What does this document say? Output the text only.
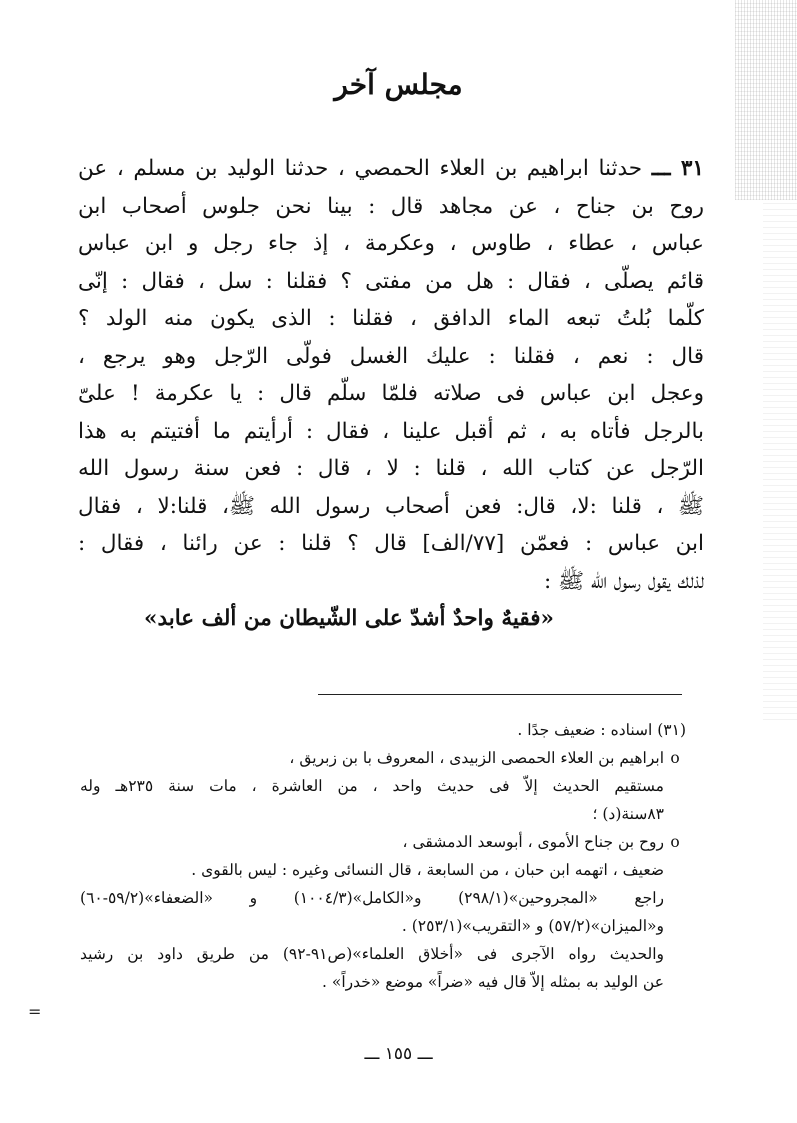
مجلس آخر
٣١ ـــ حدثنا ابراهيم بن العلاء الحمصي ، حدثنا الوليد بن مسلم ، عن
روح بن جناح ، عن مجاهد قال : بينا نحن جلوس أصحاب ابن
عباس ، عطاء ، طاوس ، وعكرمة ، إذ جاء رجل و ابن عباس
قائم يصلّى ، فقال : هل من مفتى ؟ فقلنا : سل ، فقال : إنّى
كلّما بُلتُ تبعه الماء الدافق ، فقلنا : الذى يكون منه الولد ؟
قال : نعم ، فقلنا : عليك الغسل فولّى الرّجل وهو يرجع ،
وعجل ابن عباس فى صلاته فلمّا سلّم قال : يا عكرمة ! علىّ
بالرجل فأتاه به ، ثم أقبل علينا ، فقال : أرأيتم ما أفتيتم به هذا
الرّجل عن كتاب الله ، قلنا : لا ، قال : فعن سنة رسول الله
ﷺ ، قلنا :لا، قال: فعن أصحاب رسول الله ﷺ، قلنا:لا ، فقال
ابن عباس : فعمّن [٧٧/الف] قال ؟ قلنا : عن رائنا ، فقال :
لذلك يقول رسول الله ﷺ :
«فقيهٌ واحدٌ أشدّ على الشّيطان من ألف عابد»
(٣١) اسناده : ضعيف جدًا .
oابراهيم بن العلاء الحمصى الزبيدى ، المعروف با بن زبريق ،
مستقيم الحديث إلاّ فى حديث واحد ، من العاشرة ، مات سنة ٢٣٥هـ وله
٨٣سنة(د) ؛
oروح بن جناح الأموى ، أبوسعد الدمشقى ،
ضعيف ، اتهمه ابن حبان ، من السابعة ، قال النسائى وغيره : ليس بالقوى .
راجع «المجروحين»(٢٩٨/١) و«الكامل»(١٠٠٤/٣) و «الضعفاء»(٥٩/٢-٦٠)
و«الميزان»(٥٧/٢) و «التقريب»(٢٥٣/١) .
والحديث رواه الآجرى فى «أخلاق العلماء»(ص٩١-٩٢) من طريق داود بن رشيد
عن الوليد به بمثله إلاّ قال فيه «ضراً» موضع «خدراً» .
=
ـــ ١٥٥ ـــ
